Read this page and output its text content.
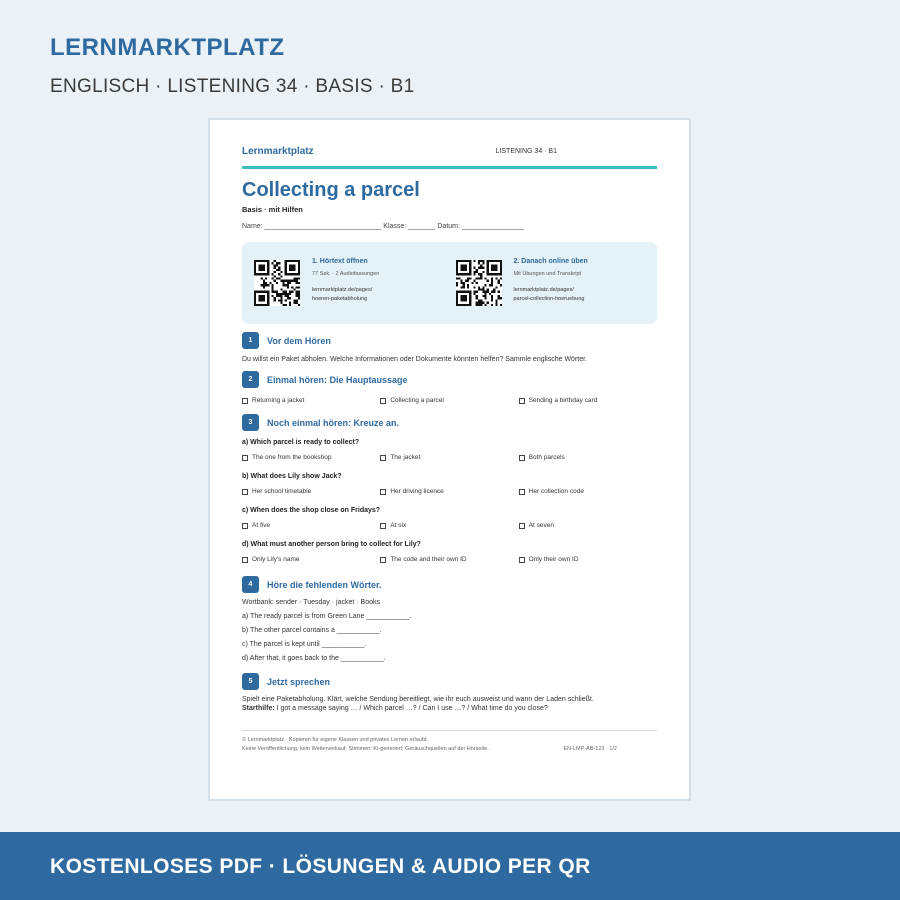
LERNMARKTPLATZ
ENGLISCH · LISTENING 34 · BASIS · B1
Lernmarktplatz	LISTENING 34 · B1
Collecting a parcel
Basis · mit Hilfen
Name: ______________________________ Klasse: _______ Datum: ________________
1. Hörtext öffnen
77 Sek. · 2 Audiofassungen
lernmarktplatz.de/pages/
hoeren-paketabholung
2. Danach online üben
Mit Übungen und Transkript
lernmarktplatz.de/pages/
parcel-collection-hoeruebung
1	Vor dem Hören
Du willst ein Paket abholen. Welche Informationen oder Dokumente könnten helfen? Sammle englische Wörter.
2	Einmal hören: Die Hauptaussage
Returning a jacket	Collecting a parcel	Sending a birthday card
3	Noch einmal hören: Kreuze an.
a) Which parcel is ready to collect?
The one from the bookshop	The jacket	Both parcels
b) What does Lily show Jack?
Her school timetable	Her driving licence	Her collection code
c) When does the shop close on Fridays?
At five	At six	At seven
d) What must another person bring to collect for Lily?
Only Lily's name	The code and their own ID	Only their own ID
4	Höre die fehlenden Wörter.
Wortbank: sender · Tuesday · jacket · Books
a) The ready parcel is from Green Lane ___________.
b) The other parcel contains a ___________.
c) The parcel is kept until ___________.
d) After that, it goes back to the ___________.
5	Jetzt sprechen
Spielt eine Paketabholung. Klärt, welche Sendung bereitliegt, wie ihr euch ausweist und wann der Laden schließt.
Starthilfe: I got a message saying … / Which parcel …? / Can I use …? / What time do you close?
© Lernmarktplatz · Kopieren für eigene Klassen und privates Lernen erlaubt.
Keine Veröffentlichung, kein Weiterverkauf. Stimmen: KI-generiert; Geräuschquellen auf der Hörseite.	EN-LMP-AB-123 · 1/2
KOSTENLOSES PDF · LÖSUNGEN & AUDIO PER QR
